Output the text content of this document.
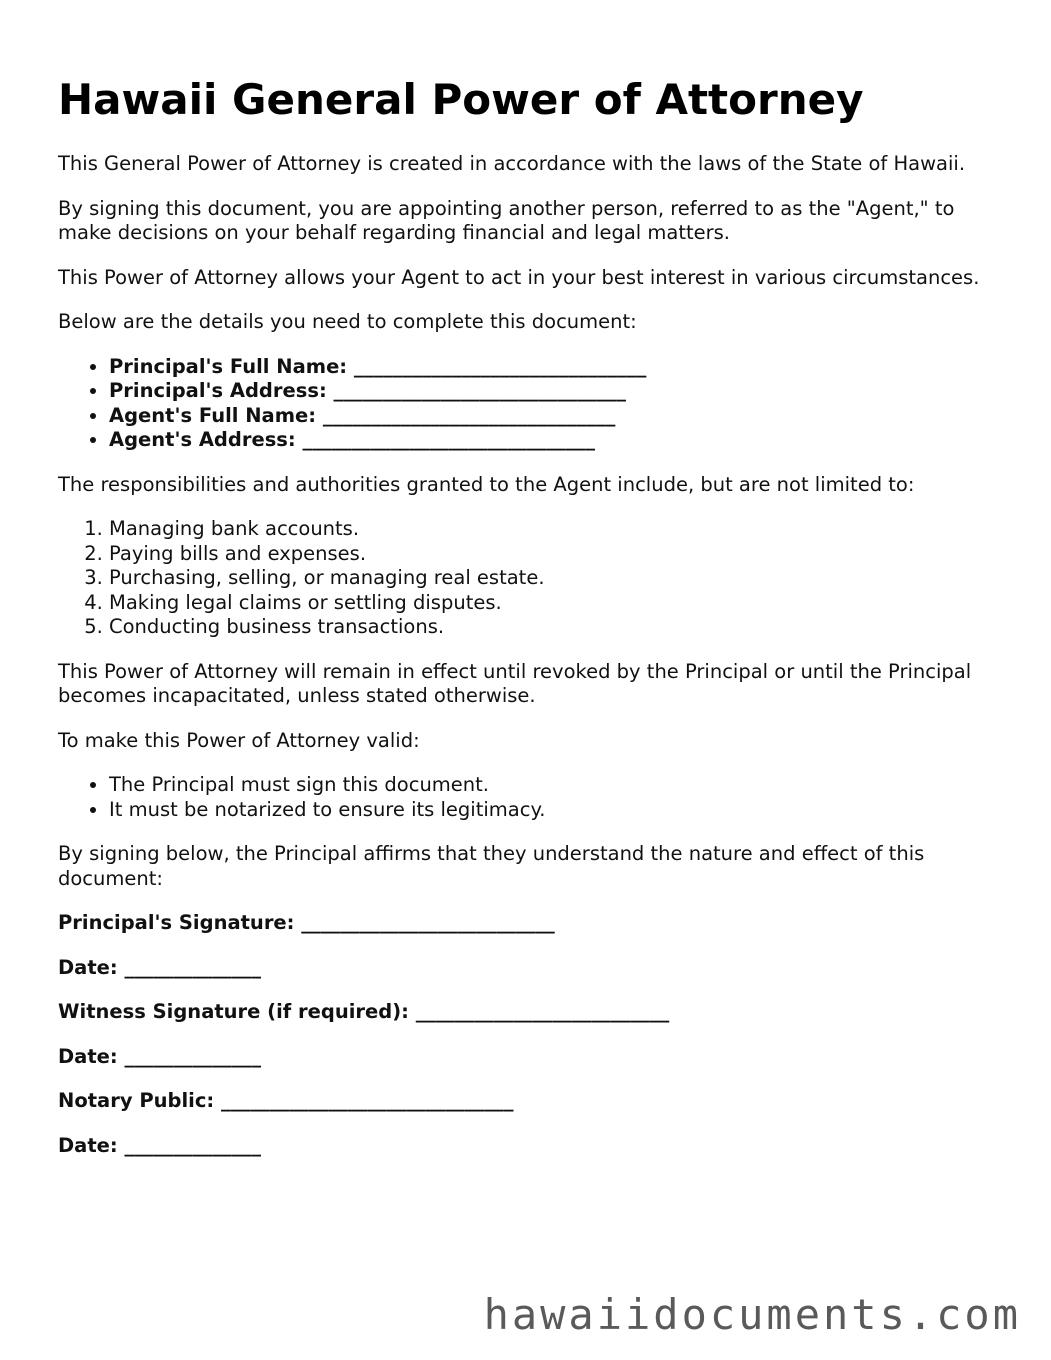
Hawaii General Power of Attorney

This General Power of Attorney is created in accordance with the laws of the State of Hawaii.

By signing this document, you are appointing another person, referred to as the "Agent," to make decisions on your behalf regarding financial and legal matters.

This Power of Attorney allows your Agent to act in your best interest in various circumstances.

Below are the details you need to complete this document:

• Principal's Full Name: ______________________________
• Principal's Address: ______________________________
• Agent's Full Name: ______________________________
• Agent's Address: ______________________________

The responsibilities and authorities granted to the Agent include, but are not limited to:

1. Managing bank accounts.
2. Paying bills and expenses.
3. Purchasing, selling, or managing real estate.
4. Making legal claims or settling disputes.
5. Conducting business transactions.

This Power of Attorney will remain in effect until revoked by the Principal or until the Principal becomes incapacitated, unless stated otherwise.

To make this Power of Attorney valid:

• The Principal must sign this document.
• It must be notarized to ensure its legitimacy.

By signing below, the Principal affirms that they understand the nature and effect of this document:

Principal's Signature: __________________________
Date: ______________
Witness Signature (if required): __________________________
Date: ______________
Notary Public: ______________________________
Date: ______________
hawaiidocuments.com
